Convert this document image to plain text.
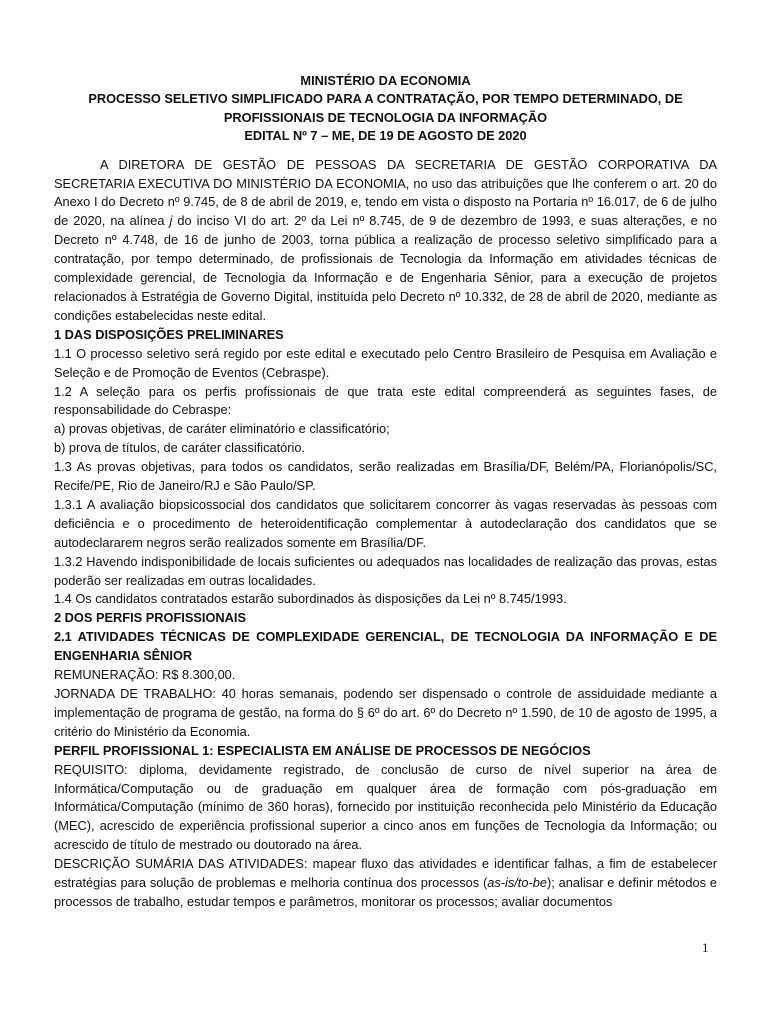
MINISTÉRIO DA ECONOMIA
PROCESSO SELETIVO SIMPLIFICADO PARA A CONTRATAÇÃO, POR TEMPO DETERMINADO, DE
PROFISSIONAIS DE TECNOLOGIA DA INFORMAÇÃO
EDITAL Nº 7 – ME, DE 19 DE AGOSTO DE 2020

A DIRETORA DE GESTÃO DE PESSOAS DA SECRETARIA DE GESTÃO CORPORATIVA DA SECRETARIA EXECUTIVA DO MINISTÉRIO DA ECONOMIA, no uso das atribuições que lhe conferem o art. 20 do Anexo I do Decreto nº 9.745, de 8 de abril de 2019, e, tendo em vista o disposto na Portaria nº 16.017, de 6 de julho de 2020, na alínea j do inciso VI do art. 2º da Lei nº 8.745, de 9 de dezembro de 1993, e suas alterações, e no Decreto nº 4.748, de 16 de junho de 2003, torna pública a realização de processo seletivo simplificado para a contratação, por tempo determinado, de profissionais de Tecnologia da Informação em atividades técnicas de complexidade gerencial, de Tecnologia da Informação e de Engenharia Sênior, para a execução de projetos relacionados à Estratégia de Governo Digital, instituída pelo Decreto nº 10.332, de 28 de abril de 2020, mediante as condições estabelecidas neste edital.

1 DAS DISPOSIÇÕES PRELIMINARES

1.1 O processo seletivo será regido por este edital e executado pelo Centro Brasileiro de Pesquisa em Avaliação e Seleção e de Promoção de Eventos (Cebraspe).

1.2 A seleção para os perfis profissionais de que trata este edital compreenderá as seguintes fases, de responsabilidade do Cebraspe:

a) provas objetivas, de caráter eliminatório e classificatório;

b) prova de títulos, de caráter classificatório.

1.3 As provas objetivas, para todos os candidatos, serão realizadas em Brasília/DF, Belém/PA, Florianópolis/SC, Recife/PE, Rio de Janeiro/RJ e São Paulo/SP.

1.3.1 A avaliação biopsicossocial dos candidatos que solicitarem concorrer às vagas reservadas às pessoas com deficiência e o procedimento de heteroidentificação complementar à autodeclaração dos candidatos que se autodeclararem negros serão realizados somente em Brasília/DF.

1.3.2 Havendo indisponibilidade de locais suficientes ou adequados nas localidades de realização das provas, estas poderão ser realizadas em outras localidades.

1.4 Os candidatos contratados estarão subordinados às disposições da Lei nº 8.745/1993.

2 DOS PERFIS PROFISSIONAIS

2.1 ATIVIDADES TÉCNICAS DE COMPLEXIDADE GERENCIAL, DE TECNOLOGIA DA INFORMAÇÃO E DE ENGENHARIA SÊNIOR

REMUNERAÇÃO: R$ 8.300,00.

JORNADA DE TRABALHO: 40 horas semanais, podendo ser dispensado o controle de assiduidade mediante a implementação de programa de gestão, na forma do § 6º do art. 6º do Decreto nº 1.590, de 10 de agosto de 1995, a critério do Ministério da Economia.

PERFIL PROFISSIONAL 1: ESPECIALISTA EM ANÁLISE DE PROCESSOS DE NEGÓCIOS

REQUISITO: diploma, devidamente registrado, de conclusão de curso de nível superior na área de Informática/Computação ou de graduação em qualquer área de formação com pós-graduação em Informática/Computação (mínimo de 360 horas), fornecido por instituição reconhecida pelo Ministério da Educação (MEC), acrescido de experiência profissional superior a cinco anos em funções de Tecnologia da Informação; ou acrescido de título de mestrado ou doutorado na área.

DESCRIÇÃO SUMÁRIA DAS ATIVIDADES: mapear fluxo das atividades e identificar falhas, a fim de estabelecer estratégias para solução de problemas e melhoria contínua dos processos (as-is/to-be); analisar e definir métodos e processos de trabalho, estudar tempos e parâmetros, monitorar os processos; avaliar documentos

1
